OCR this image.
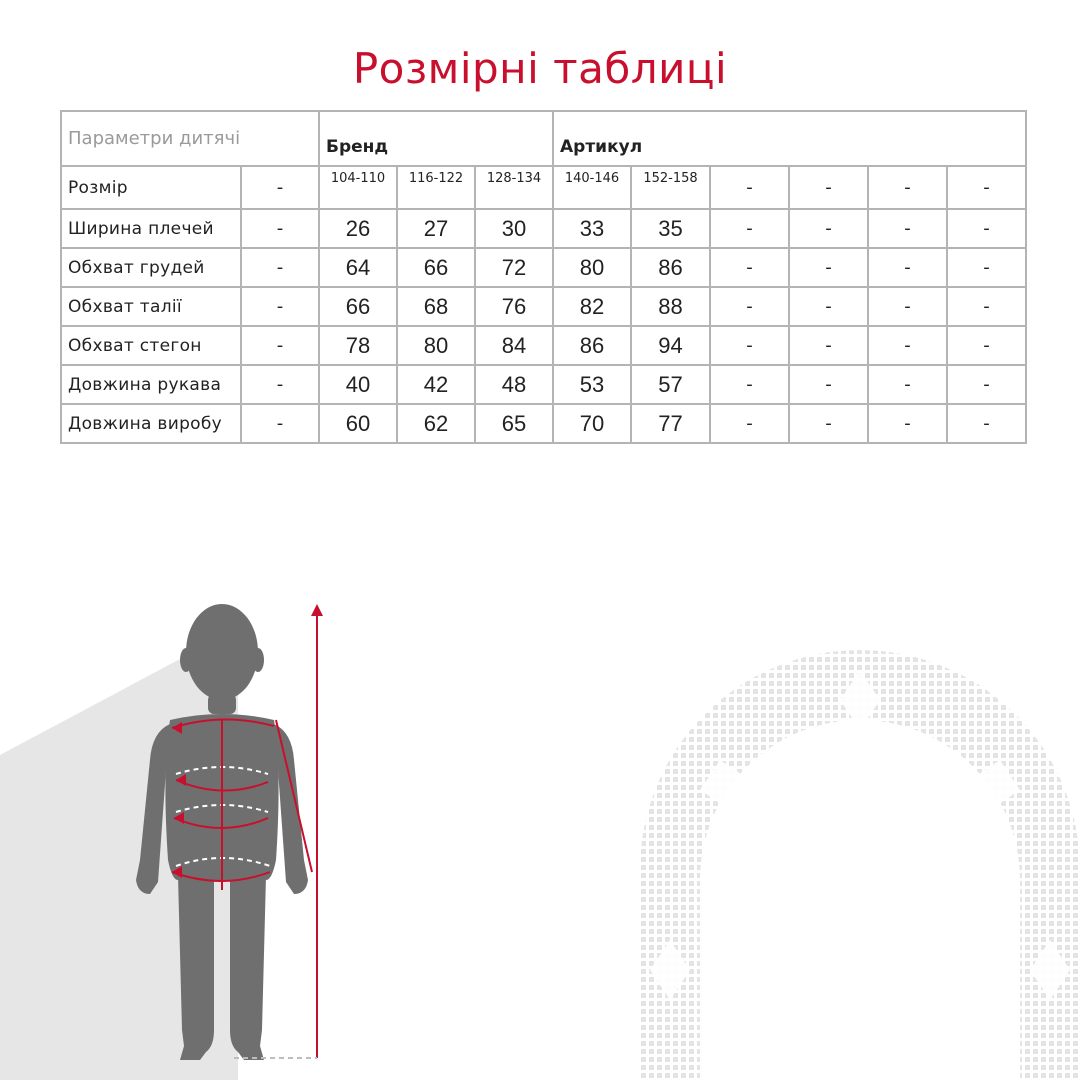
Розмірні таблиці
Параметри дитячі		Бренд			Артикул					
Розмір	-	104-110	116-122	128-134	140-146	152-158	-	-	-	-
Ширина плечей	-	26	27	30	33	35	-	-	-	-
Обхват грудей	-	64	66	72	80	86	-	-	-	-
Обхват талії	-	66	68	76	82	88	-	-	-	-
Обхват стегон	-	78	80	84	86	94	-	-	-	-
Довжина рукава	-	40	42	48	53	57	-	-	-	-
Довжина виробу	-	60	62	65	70	77	-	-	-	-
